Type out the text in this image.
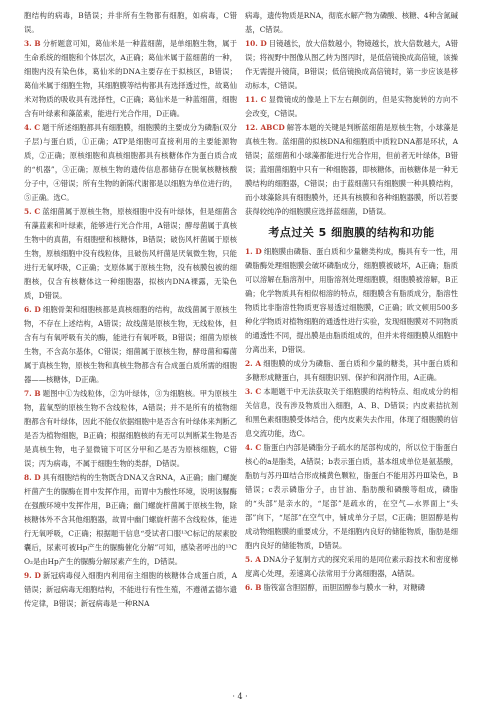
胞结构的病毒，B错误；并非所有生物都有细胞，如病毒，C错误。

3. B 分析题意可知，葛仙米是一种蓝细菌，是单细胞生物，属于生命系统的细胞和个体层次，A正确；葛仙米属于蓝细菌的一种，细胞内没有染色体，葛仙米的DNA主要存在于拟核区，B错误；葛仙米属于细胞生物，其细胞膜等结构都具有选择透过性，故葛仙米对物质的吸收具有选择性，C正确；葛仙米是一种蓝细菌，细胞含有叶绿素和藻蓝素，能进行光合作用，D正确。

4. C 题干所述细胞都具有细胞膜，细胞膜的主要成分为磷脂(双分子层)与蛋白质，①正确；ATP是细胞可直接利用的主要能源物质，②正确；原核细胞和真核细胞都具有核糖体作为蛋白质合成的“机器”，③正确；原核生物的遗传信息都储存在脱氧核糖核酸分子中，④错误；所有生物的新陈代谢都是以细胞为单位进行的，⑤正确。选C。

5. C 蓝细菌属于原核生物，原核细胞中没有叶绿体，但是细菌含有藻蓝素和叶绿素，能够进行光合作用，A错误；酵母菌属于真核生物中的真菌，有细胞壁和核糖体，B错误；破伤风杆菌属于原核生物，原核细胞中没有线粒体，且破伤风杆菌是厌氧微生物，只能进行无氧呼吸，C正确；支原体属于原核生物，没有核膜包被的细胞核，仅含有核糖体这一种细胞器，拟核内DNA裸露，无染色质，D错误。

6. D 细胞骨架和细胞核都是真核细胞的结构，故线菌属于原核生物，不存在上述结构，A错误；故线菌是原核生物，无线粒体，但含有与有氧呼吸有关的酶，能进行有氧呼吸，B错误；细菌为原核生物，不含高尔基体，C错误；细菌属于原核生物，酵母菌和霉菌属于真核生物，原核生物和真核生物都含有合成蛋白质所需的细胞器——核糖体，D正确。

7. B 题图中①为线粒体，②为叶绿体，③为细胞核。甲为原核生物，蓝氧型的原核生物不含线粒体，A错误；并不是所有的植物细胞都含有叶绿体，因此不能仅依据细胞中是否含有叶绿体来判断乙是否为植物细胞，B正确；根据细胞核的有无可以判断某生物是否是真核生物，电子显微镜下可区分甲和乙是否为原核细胞，C错误；丙为病毒，不属于细胞生物的类群，D错误。

8. D 具有细胞结构的生物既含DNA又含RNA，A正确；幽门螺旋杆菌产生的脲酶在胃中发挥作用，而胃中为酸性环境，说明该脲酶在强酸环境中发挥作用，B正确；幽门螺旋杆菌属于原核生物，除核糖体外不含其他细胞器，故胃中幽门螺旋杆菌不含线粒体，能进行无氧呼吸，C正确；根据题干信息“受试者口服¹³C标记的尿素胶囊后，尿素可被Hp产生的脲酶催化分解”可知，感染者呼出的¹³CO₂是由Hp产生的脲酶分解尿素产生的，D错误。

9. D 新冠病毒侵入细胞内利用宿主细胞的核糖体合成蛋白质，A错误；新冠病毒无细胞结构，不能进行有性生殖，不遵循孟德尔遗传定律，B错误；新冠病毒是一种RNA

病毒，遗传物质是RNA，彻底水解产物为磷酸、核糖、4种含氮碱基，C错误。

10. D 目镜越长，放大倍数越小，物镜越长，放大倍数越大，A错误；将视野中图像从图乙转为图丙时，是低倍镜换成高倍镜，该操作无需提升镜筒，B错误；低倍镜换成高倍镜时，第一步应该是移动标本，C错误。

11. C 显微镜成的像是上下左右颠倒的，但是实物旋转的方向不会改变，C错误。

12. ABCD 解答本题的关键是判断蓝细菌是原核生物，小球藻是真核生物。蓝细菌的拟核DNA和细胞质中质粒DNA都是环状，A错误；蓝细菌和小球藻都能进行光合作用，但前者无叶绿体，B错误；蓝细菌细胞中只有一种细胞器，即核糖体，而核糖体是一种无膜结构的细胞器，C错误；由于蓝细菌只有细胞膜一种具膜结构，而小球藻除具有细胞膜外，还具有核膜和各种细胞器膜，所以若要获得较纯净的细胞膜应选择蓝细菌，D错误。

考点过关 5 细胞膜的结构和功能

1. D 细胞膜由磷脂、蛋白质和少量糖类构成，酶具有专一性，用磷脂酶处理细胞膜会破坏磷脂成分，细胞膜被破坏，A正确；脂质可以溶解在脂溶剂中，用脂溶剂处理细胞膜，细胞膜被溶解，B正确；化学物质具有相似相溶的特点，细胞膜含有脂质成分，脂溶性物质比非脂溶性物质更容易透过细胞膜，C正确；欧文顿用500多种化学物质对植物细胞的通透性进行实验，发现细胞膜对不同物质的通透性不同，提出膜是由脂质组成的，但并未将细胞膜从细胞中分离出来，D错误。

2. A 细胞膜的成分为磷脂、蛋白质和少量的糖类，其中蛋白质和多糖形成糖蛋白，具有细胞识别、保护和润滑作用，A正确。

3. C 本题题干中无法获取关于细胞膜的结构特点、组成成分的相关信息，没有涉及物质出入细胞，A、B、D错误；内皮素拮抗剂和黑色素细胞膜受体结合，使内皮素失去作用，体现了细胞膜的信息交流功能，选C。

4. C 脂蛋白内部是磷脂分子疏水的尾部构成的，所以位于脂蛋白核心的a是脂类，A错误；b表示蛋白质，基本组成单位是氨基酸，脂肪与苏丹Ⅲ结合形成橘黄色颗粒，脂蛋白不能用苏丹Ⅲ染色，B错误；c表示磷脂分子，由甘油、脂肪酸和磷酸等组成，磷脂的“头部”是亲水的，“尾部”是疏水的，在空气—水界面上“头部”向下，“尾部”在空气中，铺成单分子层，C正确；胆固醇是构成动物细胞膜的重要成分，不是细胞内良好的储能物质，脂肪是细胞内良好的储能物质，D错误。

5. A DNA分子复制方式的探究采用的是同位素示踪技术和密度梯度离心处理，差速离心法常用于分离细胞器，A错误。

6. B 脂筏富含胆固醇，而胆固醇参与膜水一种，对糖磷

· 4 ·
